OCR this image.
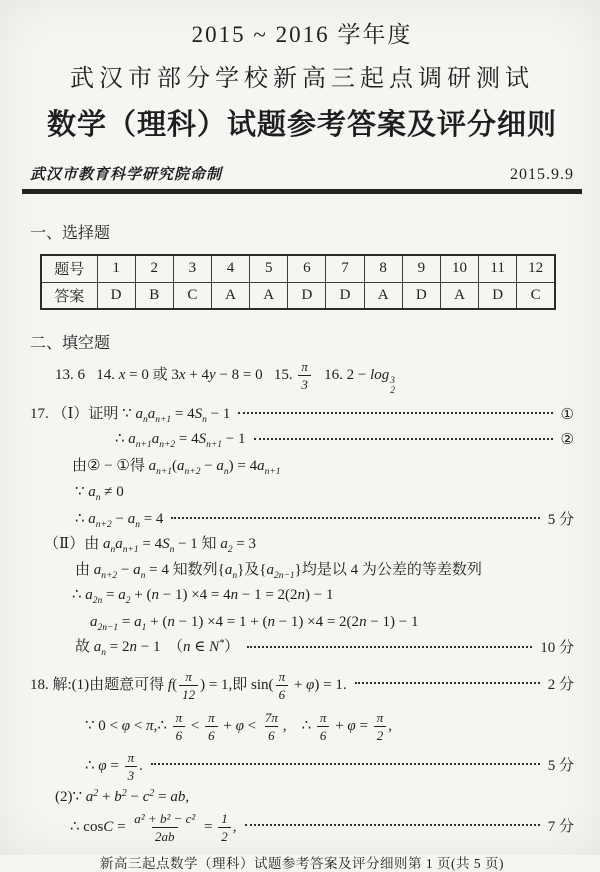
2015 ~ 2016 学年度
武汉市部分学校新高三起点调研测试
数学（理科）试题参考答案及评分细则
武汉市教育科学研究院命制	2015.9.9
一、选择题
题号	1	2	3	4	5	6	7	8	9	10	11	12
答案	D	B	C	A	A	D	D	A	D	A	D	C
二、填空题
13. 6   14. x = 0 或 3x + 4y − 8 = 0   15. $\frac{\pi}{3} 16$. 2 − log 3
2
17. （Ⅰ）证明 ∵ $a_na_{n+1} = 4S_n - 1$	①
∴ $a_{n+1}a_{n+2} = 4S_{n+1} - 1$	②
由② − ①得 $a_{n+1}(a_{n+2} - a_n) = 4a_{n+1}$
∵ $a_n \ne 0$
∴ $a_{n+2} - a_n = 4$	5 分
（Ⅱ）由 $a_na_{n+1} = 4S_n - 1$ 知 $a_2 = 3$
由 $a_{n+2} - a_n = 4$ 知数列$\{a_n\}$及$\{a_{2n-1}\}$均是以 4 为公差的等差数列
∴ $a_{2n} = a_2 + (n - 1) \times 4 = 4n - 1 = 2(2n) - 1$
$a_{2n-1} = a_1 + (n - 1) \times 4 = 1 + (n - 1) \times 4 = 2(2n - 1) - 1$
故 $a_n = 2n - 1$　（n ∈ N*）	10 分
18. 解:(1)由题意可得 $f( \frac{\pi}{12}$ ) = 1,即 $\sin( \frac{\pi}{6} + \varphi) = 1$.	2 分
∵ 0 < φ < π,∴ $\frac{\pi}{6} < \frac{\pi}{6} + \varphi < \frac{7\pi}{6}$ ,　∴ $\frac{\pi}{6} + \varphi = \frac{\pi}{2}$ ,
∴ $\varphi = \frac{\pi}{3}$ .	5 分
(2)∵ $a^2 + b^2 - c^2$ = ab,
∴ $\cos C = \frac{\text{a² + b² − c²}}{2ab} = \frac{1}{2}$ ,	7 分
新高三起点数学（理科）试题参考答案及评分细则第 1 页(共 5 页)
